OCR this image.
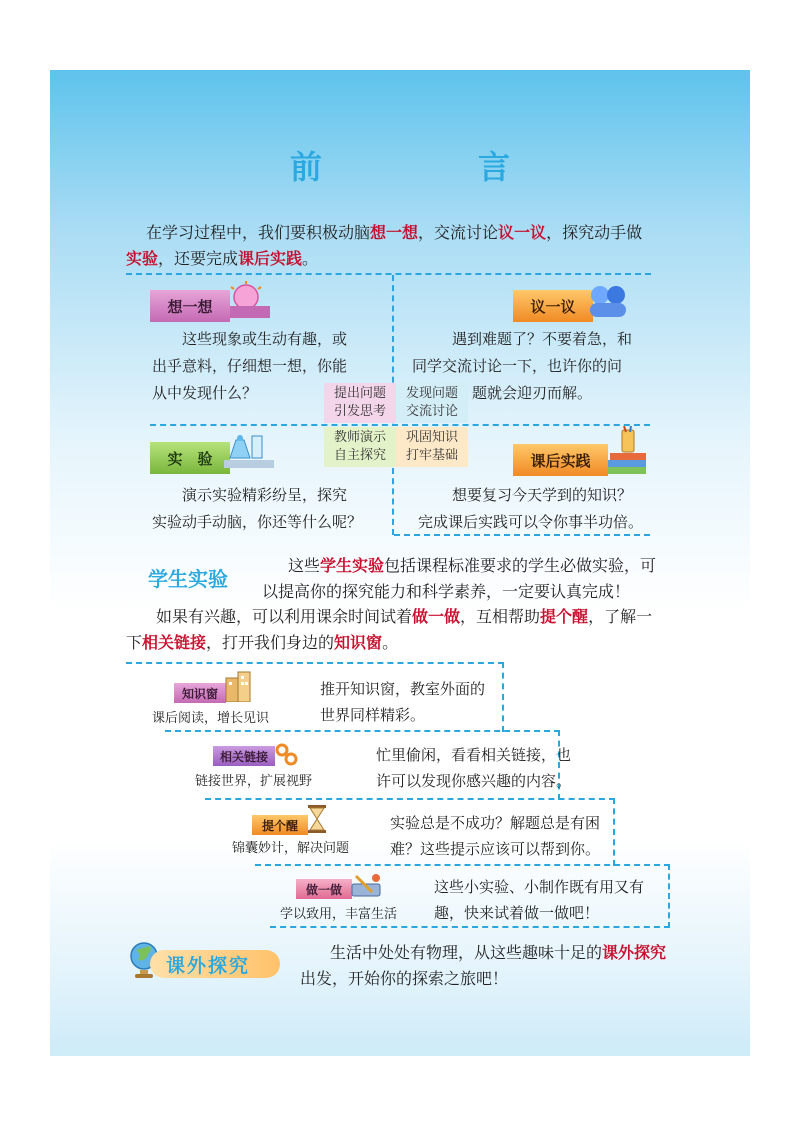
前　言
在学习过程中，我们要积极动脑想一想，交流讨论议一议，探究动手做
实验，还要完成课后实践。
想一想
这些现象或生动有趣，或
出乎意料，仔细想一想，你能
从中发现什么？
议一议
遇到难题了？不要着急，和
同学交流讨论一下，也许你的问
题就会迎刃而解。
实　验
演示实验精彩纷呈，探究
实验动手动脑，你还等什么呢？
课后实践
想要复习今天学到的知识？
完成课后实践可以令你事半功倍。
提出问题
引发思考
发现问题
交流讨论
教师演示
自主探究
巩固知识
打牢基础
学生实验
这些学生实验包括课程标准要求的学生必做实验，可
以提高你的探究能力和科学素养，一定要认真完成！
如果有兴趣，可以利用课余时间试着做一做，互相帮助提个醒，了解一
下相关链接，打开我们身边的知识窗。
知识窗
课后阅读，增长见识
推开知识窗，教室外面的
世界同样精彩。
相关链接
链接世界，扩展视野
忙里偷闲，看看相关链接，也
许可以发现你感兴趣的内容。
提个醒
锦囊妙计，解决问题
实验总是不成功？解题总是有困
难？这些提示应该可以帮到你。
做一做
学以致用，丰富生活
这些小实验、小制作既有用又有
趣，快来试着做一做吧！
课外探究
生活中处处有物理，从这些趣味十足的课外探究
出发，开始你的探索之旅吧！
